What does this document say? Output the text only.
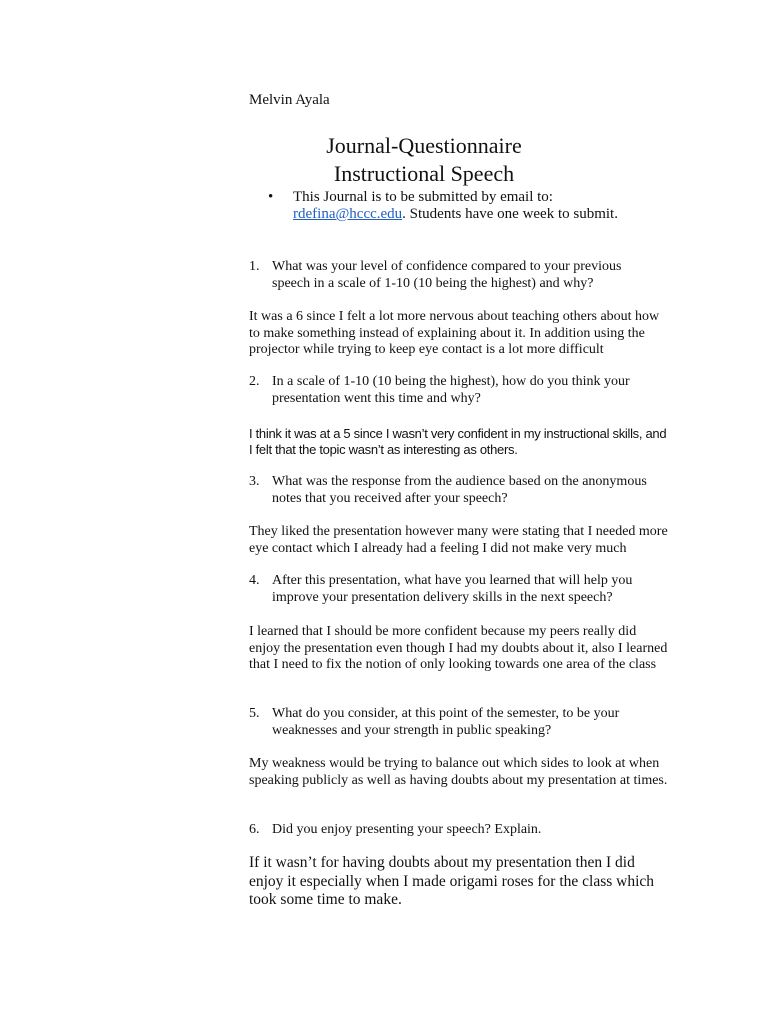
Melvin Ayala

Journal-Questionnaire

Instructional Speech

• This Journal is to be submitted by email to:
rdefina@hccc.edu. Students have one week to submit.
1. What was your level of confidence compared to your previous speech in a scale of 1-10 (10 being the highest) and why?

It was a 6 since I felt a lot more nervous about teaching others about how to make something instead of explaining about it. In addition using the projector while trying to keep eye contact is a lot more difficult

2. In a scale of 1-10 (10 being the highest), how do you think your presentation went this time and why?

I think it was at a 5 since I wasn’t very confident in my instructional skills, and I felt that the topic wasn’t as interesting as others.

3. What was the response from the audience based on the anonymous notes that you received after your speech?

They liked the presentation however many were stating that I needed more eye contact which I already had a feeling I did not make very much

4. After this presentation, what have you learned that will help you improve your presentation delivery skills in the next speech?

I learned that I should be more confident because my peers really did enjoy the presentation even though I had my doubts about it, also I learned that I need to fix the notion of only looking towards one area of the class

5. What do you consider, at this point of the semester, to be your weaknesses and your strength in public speaking?

My weakness would be trying to balance out which sides to look at when speaking publicly as well as having doubts about my presentation at times.

6. Did you enjoy presenting your speech? Explain.

If it wasn’t for having doubts about my presentation then I did enjoy it especially when I made origami roses for the class which took some time to make.
